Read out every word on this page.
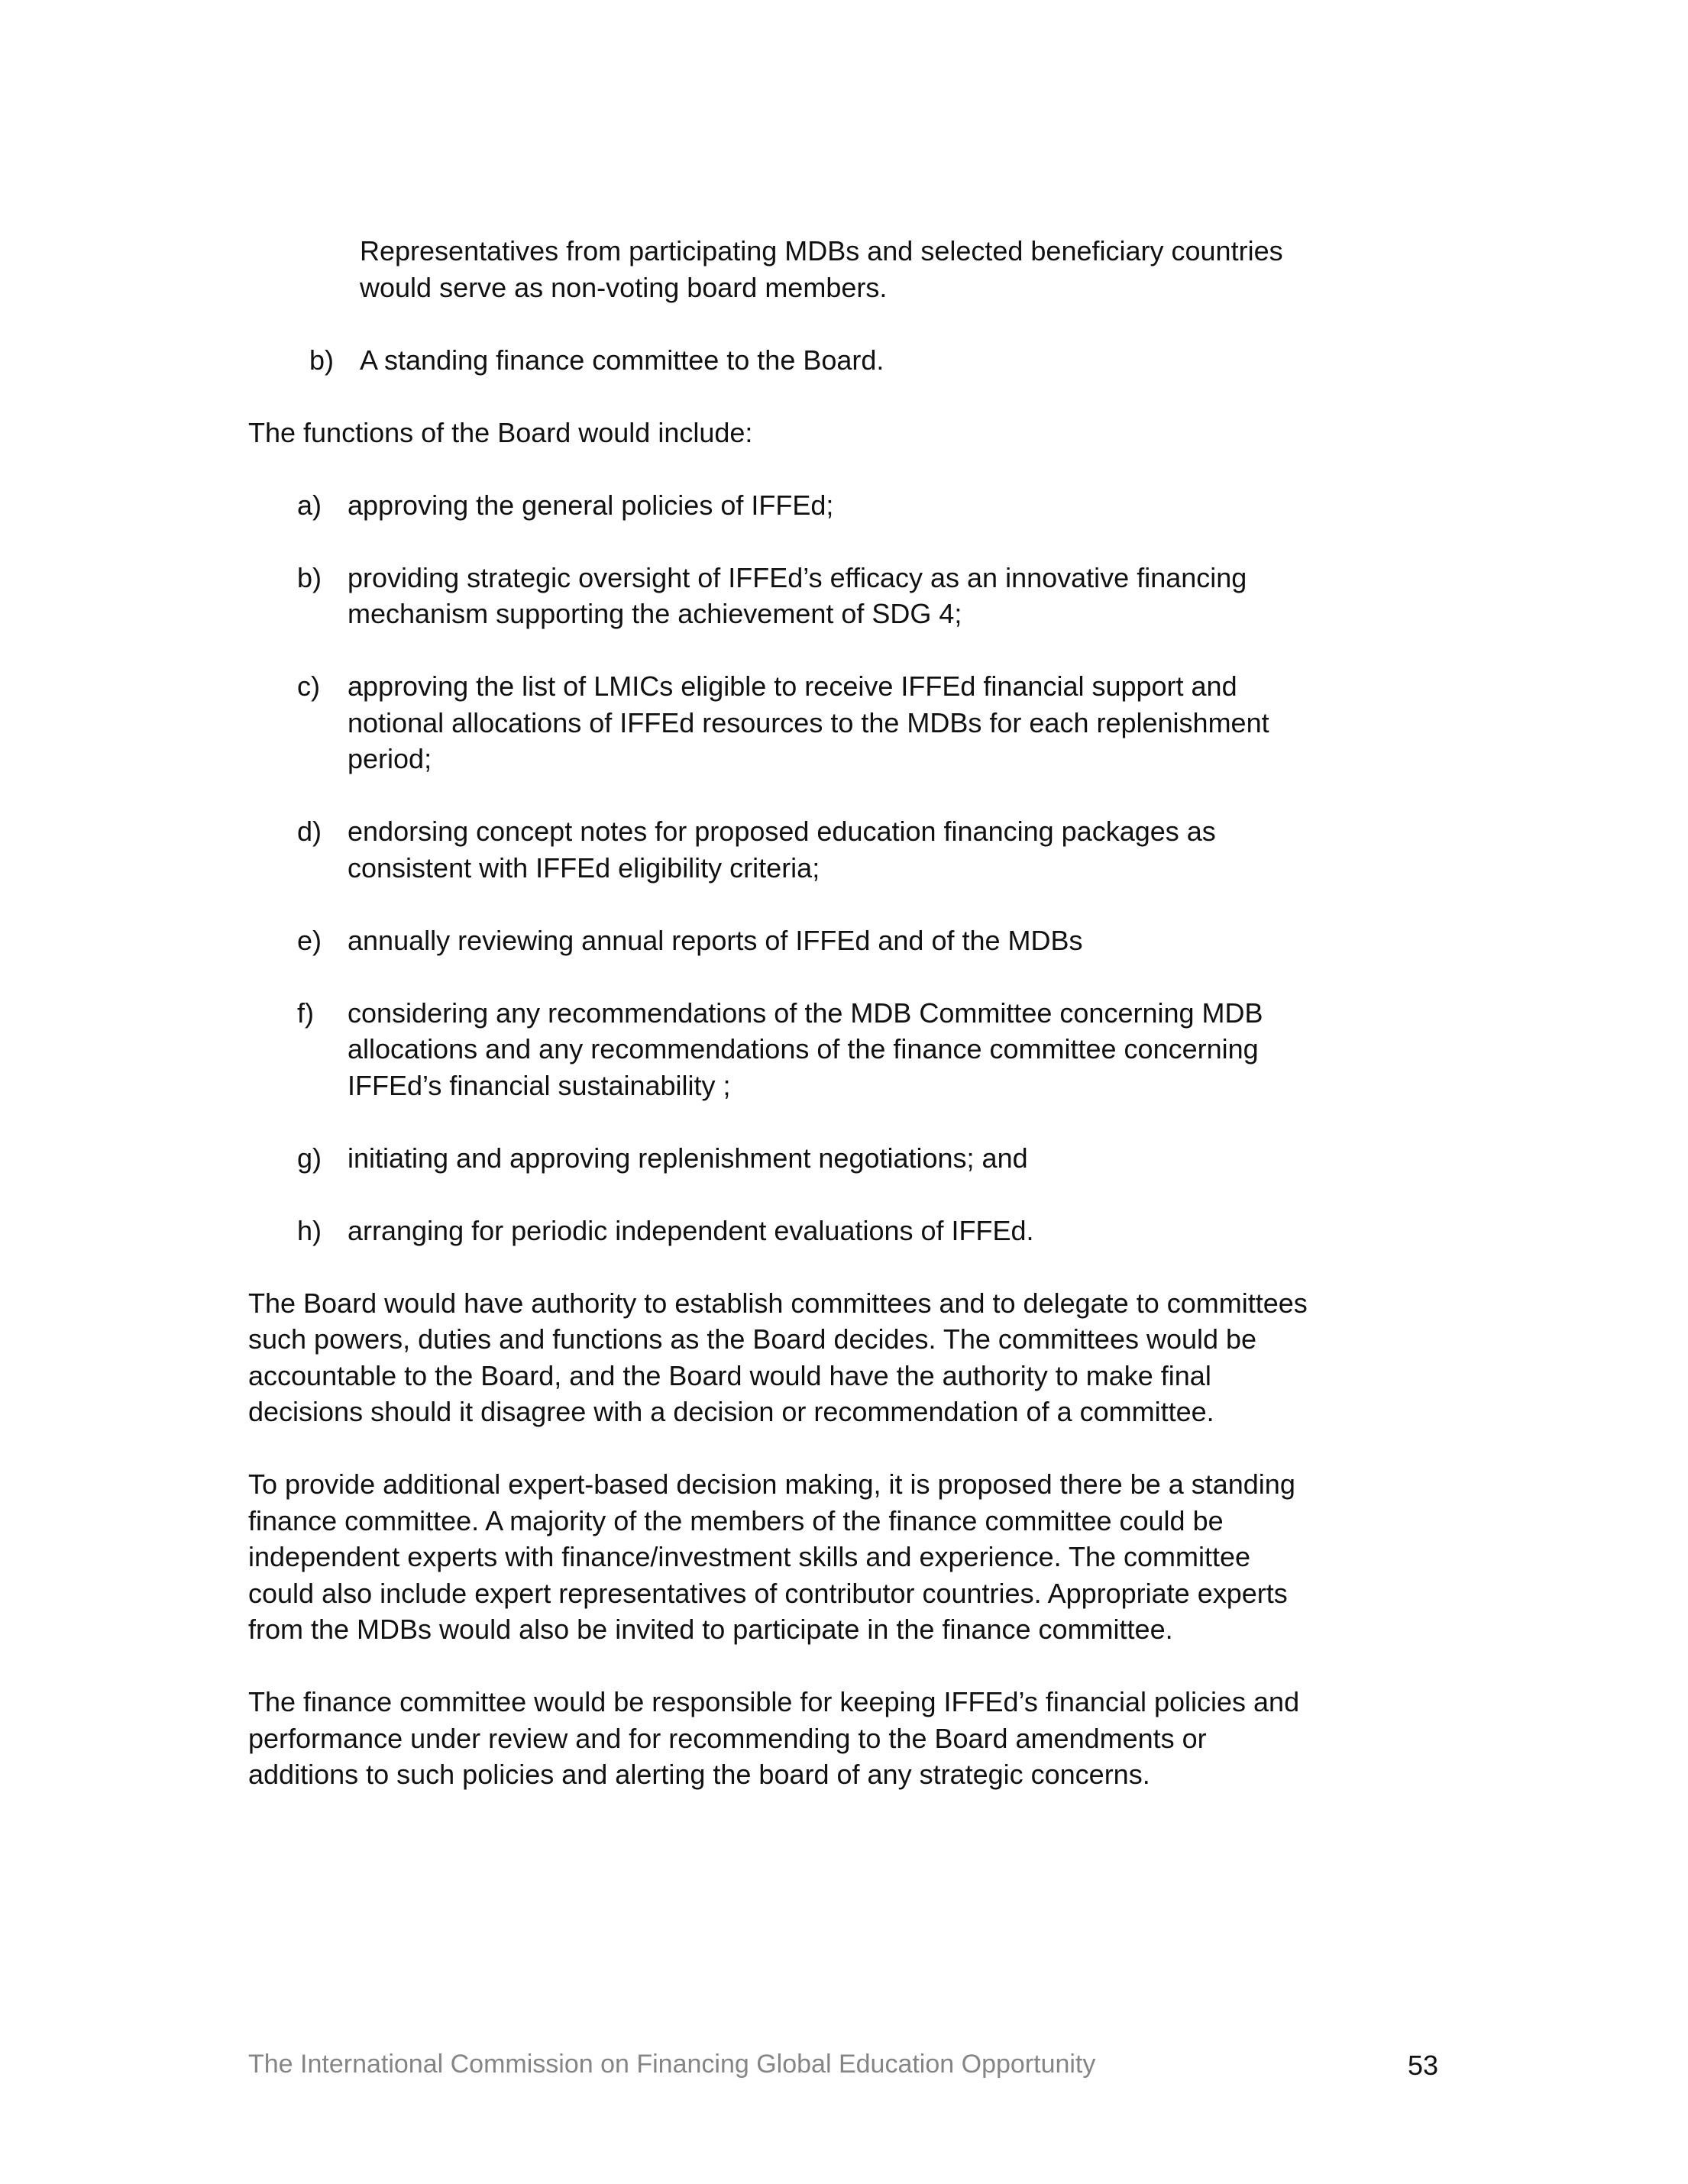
Representatives from participating MDBs and selected beneficiary countries
would serve as non-voting board members.
b) A standing finance committee to the Board.
The functions of the Board would include:
a) approving the general policies of IFFEd;
b) providing strategic oversight of IFFEd’s efficacy as an innovative financing
mechanism supporting the achievement of SDG 4;
c) approving the list of LMICs eligible to receive IFFEd financial support and
notional allocations of IFFEd resources to the MDBs for each replenishment
period;
d) endorsing concept notes for proposed education financing packages as
consistent with IFFEd eligibility criteria;
e) annually reviewing annual reports of IFFEd and of the MDBs
f) considering any recommendations of the MDB Committee concerning MDB
allocations and any recommendations of the finance committee concerning
IFFEd’s financial sustainability ;
g) initiating and approving replenishment negotiations; and
h) arranging for periodic independent evaluations of IFFEd.
The Board would have authority to establish committees and to delegate to committees
such powers, duties and functions as the Board decides. The committees would be
accountable to the Board, and the Board would have the authority to make final
decisions should it disagree with a decision or recommendation of a committee.
To provide additional expert-based decision making, it is proposed there be a standing
finance committee. A majority of the members of the finance committee could be
independent experts with finance/investment skills and experience. The committee
could also include expert representatives of contributor countries. Appropriate experts
from the MDBs would also be invited to participate in the finance committee.
The finance committee would be responsible for keeping IFFEd’s financial policies and
performance under review and for recommending to the Board amendments or
additions to such policies and alerting the board of any strategic concerns.
The International Commission on Financing Global Education Opportunity	53
